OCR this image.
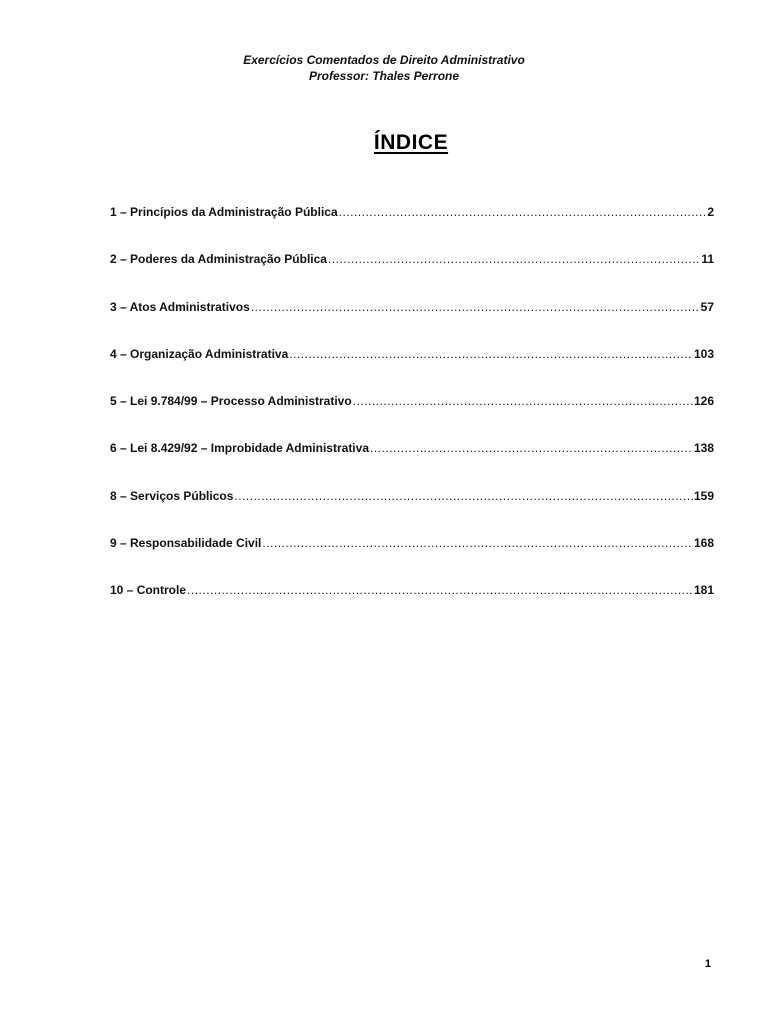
Exercícios Comentados de Direito Administrativo
Professor: Thales Perrone
ÍNDICE
1 – Princípios da Administração Pública .....	2
2 – Poderes da Administração Pública .....	11
3 – Atos Administrativos .....	57
4 – Organização Administrativa .....	103
5 – Lei 9.784/99 – Processo Administrativo .....	126
6 – Lei 8.429/92 – Improbidade Administrativa .....	138
8 – Serviços Públicos .....	159
9 – Responsabilidade Civil .....	168
10 – Controle .....	181
1
